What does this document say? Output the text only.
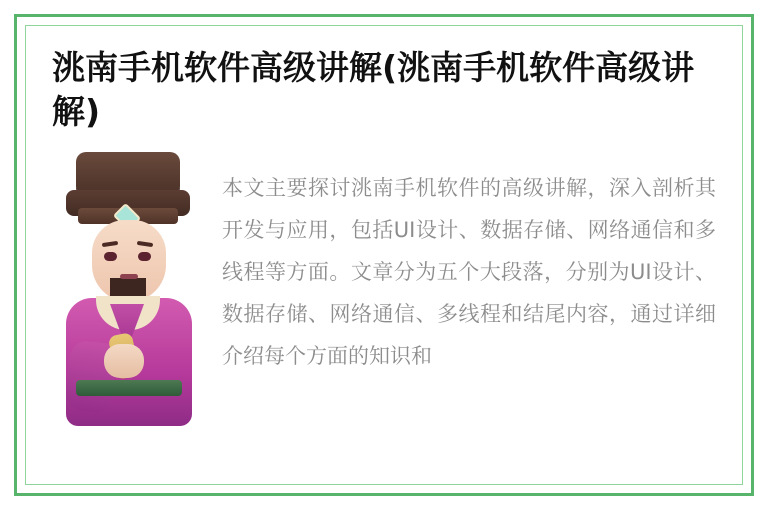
洮南手机软件高级讲解(洮南手机软件高级讲解)

本文主要探讨洮南手机软件的高级讲解，深入剖析其开发与应用，包括UI设计、数据存储、网络通信和多线程等方面。文章分为五个大段落，分别为UI设计、数据存储、网络通信、多线程和结尾内容，通过详细介绍每个方面的知识和
